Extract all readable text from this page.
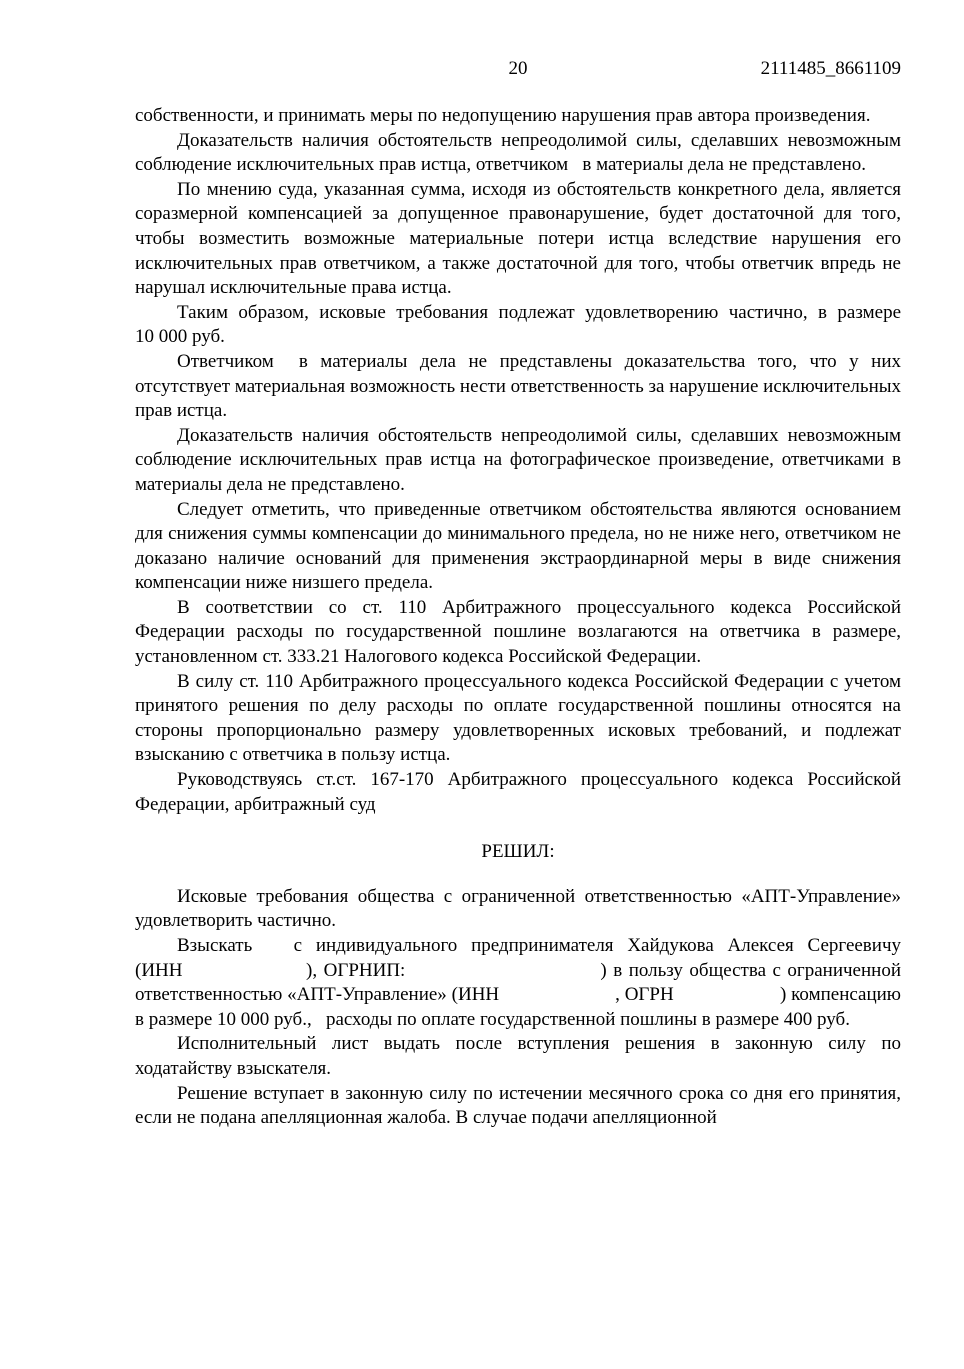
20	2111485_8661109

собственности, и принимать меры по недопущению нарушения прав автора произведения.

Доказательств наличия обстоятельств непреодолимой силы, сделавших невозможным соблюдение исключительных прав истца, ответчиком   в материалы дела не представлено.

По мнению суда, указанная сумма, исходя из обстоятельств конкретного дела, является соразмерной компенсацией за допущенное правонарушение, будет достаточной для того, чтобы возместить возможные материальные потери истца вследствие нарушения его исключительных прав ответчиком, а также достаточной для того, чтобы ответчик впредь не нарушал исключительные права истца.

Таким образом, исковые требования подлежат удовлетворению частично, в размере 10 000 руб.

Ответчиком  в материалы дела не представлены доказательства того, что у них отсутствует материальная возможность нести ответственность за нарушение исключительных прав истца.

Доказательств наличия обстоятельств непреодолимой силы, сделавших невозможным соблюдение исключительных прав истца на фотографическое произведение, ответчиками в материалы дела не представлено.

Следует отметить, что приведенные ответчиком обстоятельства являются основанием для снижения суммы компенсации до минимального предела, но не ниже него, ответчиком не доказано наличие оснований для применения экстраординарной меры в виде снижения компенсации ниже низшего предела.

В соответствии со ст. 110 Арбитражного процессуального кодекса Российской Федерации расходы по государственной пошлине возлагаются на ответчика в размере, установленном ст. 333.21 Налогового кодекса Российской Федерации.

В силу ст. 110 Арбитражного процессуального кодекса Российской Федерации с учетом принятого решения по делу расходы по оплате государственной пошлины относятся на стороны пропорционально размеру удовлетворенных исковых требований, и подлежат взысканию с ответчика в пользу истца.

Руководствуясь ст.ст. 167-170 Арбитражного процессуального кодекса Российской Федерации, арбитражный суд

РЕШИЛ:

Исковые требования общества с ограниченной ответственностью «АПТ-Управление» удовлетворить частично.

Взыскать   с индивидуального предпринимателя Хайдукова Алексея Сергеевичу (ИНН                   ), ОГРНИП:                              ) в пользу общества с ограниченной ответственностью «АПТ-Управление» (ИНН                        , ОГРН                      ) компенсацию в размере 10 000 руб.,   расходы по оплате государственной пошлины в размере 400 руб.

Исполнительный лист выдать после вступления решения в законную силу по ходатайству взыскателя.

Решение вступает в законную силу по истечении месячного срока со дня его принятия, если не подана апелляционная жалоба. В случае подачи апелляционной
